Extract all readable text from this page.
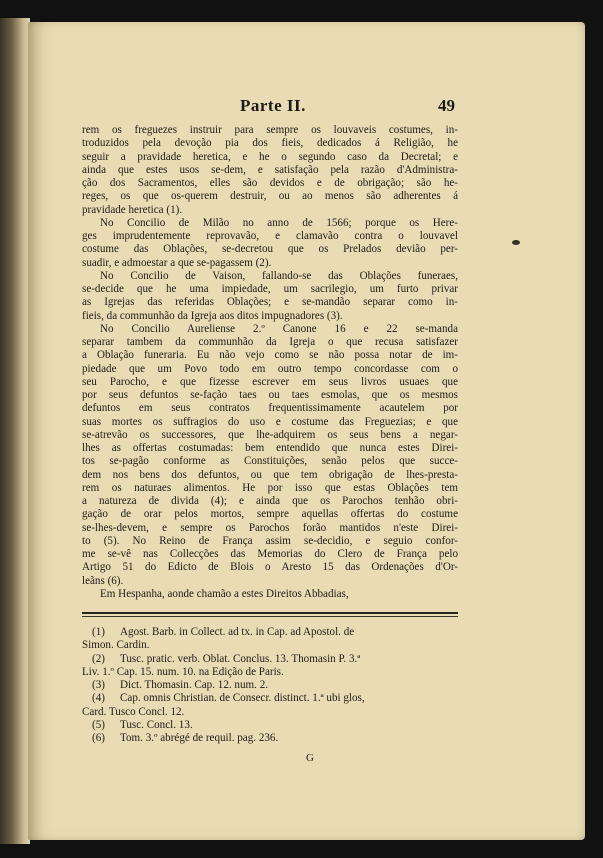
Parte II.	49
rem os freguezes instruir para sempre os louvaveis costumes, in-
troduzidos pela devoção pia dos fieis, dedicados á Religião, he
seguir a pravidade heretica, e he o segundo caso da Decretal; e
ainda que estes usos se-dem, e satisfação pela razão d'Administra-
ção dos Sacramentos, elles são devidos e de obrigação; são he-
reges, os que os-querem destruir, ou ao menos são adherentes á
pravidade heretica (1).
No Concilio de Milão no anno de 1566; porque os Here-
ges imprudentemente reprovavão, e clamavão contra o louvavel
costume das Oblações, se-decretou que os Prelados devião per-
suadir, e admoestar a que se-pagassem (2).
No Concilio de Vaison, fallando-se das Oblações funeraes,
se-decide que he uma impiedade, um sacrilegio, um furto privar
as Igrejas das referidas Oblações; e se-mandão separar como in-
fieis, da communhão da Igreja aos ditos impugnadores (3).
No Concilio Aureliense 2.º Canone 16 e 22 se-manda
separar tambem da communhão da Igreja o que recusa satisfazer
a Oblação funeraria. Eu não vejo como se não possa notar de im-
piedade que um Povo todo em outro tempo concordasse com o
seu Parocho, e que fizesse escrever em seus livros usuaes que
por seus defuntos se-fação taes ou taes esmolas, que os mesmos
defuntos em seus contratos frequentissimamente acautelem por
suas mortes os suffragios do uso e costume das Freguezias; e que
se-atrevão os successores, que lhe-adquirem os seus bens a negar-
lhes as offertas costumadas: bem entendido que nunca estes Direi-
tos se-pagão conforme as Constituições, senão pelos que succe-
dem nos bens dos defuntos, ou que tem obrigação de lhes-presta-
rem os naturaes alimentos. He por isso que estas Oblações tem
a natureza de divida (4); e ainda que os Parochos tenhão obri-
gação de orar pelos mortos, sempre aquellas offertas do costume
se-lhes-devem, e sempre os Parochos forão mantidos n'este Direi-
to (5). No Reino de França assim se-decidio, e seguio confor-
me se-vê nas Collecções das Memorias do Clero de França pelo
Artigo 51 do Edicto de Blois o Aresto 15 das Ordenações d'Or-
leãns (6).
Em Hespanha, aonde chamão a estes Direitos Abbadias,
(1) Agost. Barb. in Collect. ad tx. in Cap. ad Apostol. de
Simon. Cardin.
(2) Tusc. pratic. verb. Oblat. Conclus. 13. Thomasin P. 3.ª
Liv. 1.º Cap. 15. num. 10. na Edição de Paris.
(3) Dict. Thomasin. Cap. 12. num. 2.
(4) Cap. omnis Christian. de Consecr. distinct. 1.ª ubi glos,
Card. Tusco Concl. 12.
(5) Tusc. Concl. 13.
(6) Tom. 3.º abrégé de requil. pag. 236.
G
